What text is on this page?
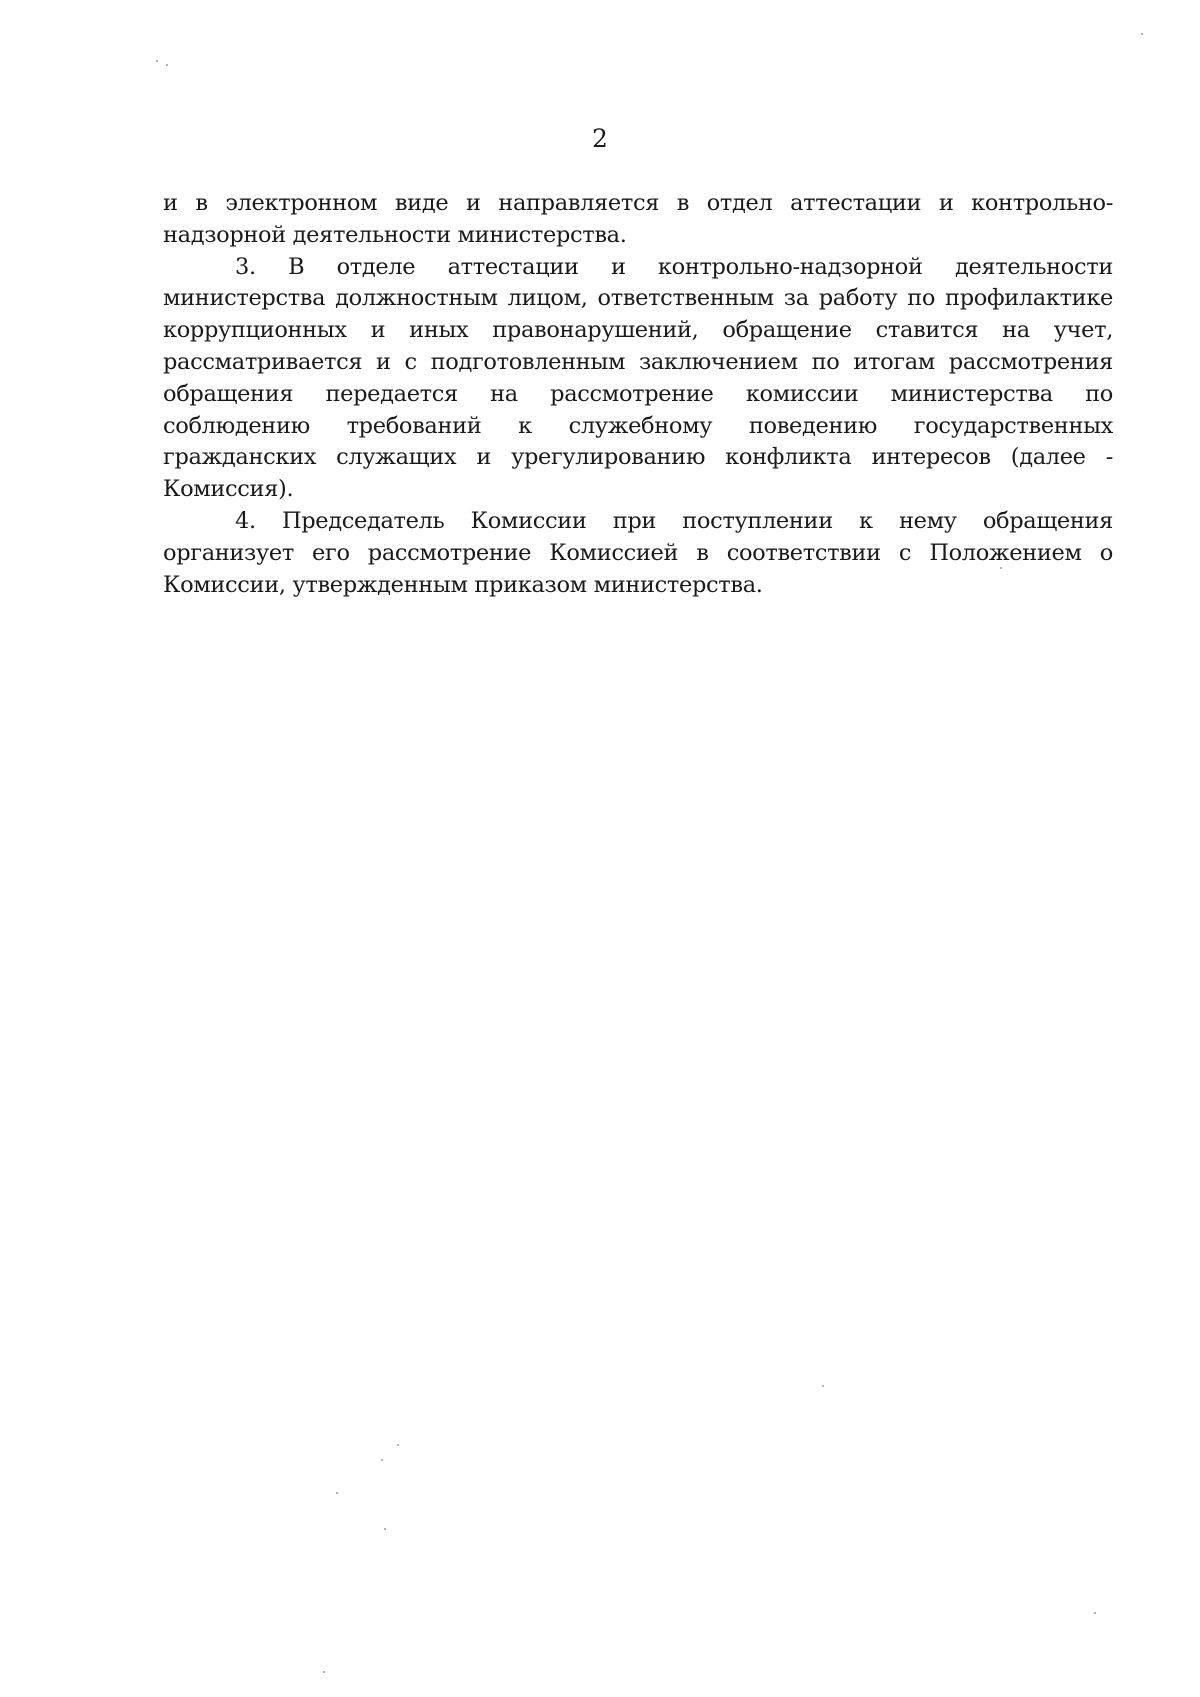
2

и в электронном виде и направляется в отдел аттестации и контрольно-надзорной деятельности министерства.

3. В отделе аттестации и контрольно-надзорной деятельности министерства должностным лицом, ответственным за работу по профилактике коррупционных и иных правонарушений, обращение ставится на учет, рассматривается и с подготовленным заключением по итогам рассмотрения обращения передается на рассмотрение комиссии министерства по соблюдению требований к служебному поведению государственных гражданских служащих и урегулированию конфликта интересов (далее - Комиссия).

4. Председатель Комиссии при поступлении к нему обращения организует его рассмотрение Комиссией в соответствии с Положением о Комиссии, утвержденным приказом министерства.
